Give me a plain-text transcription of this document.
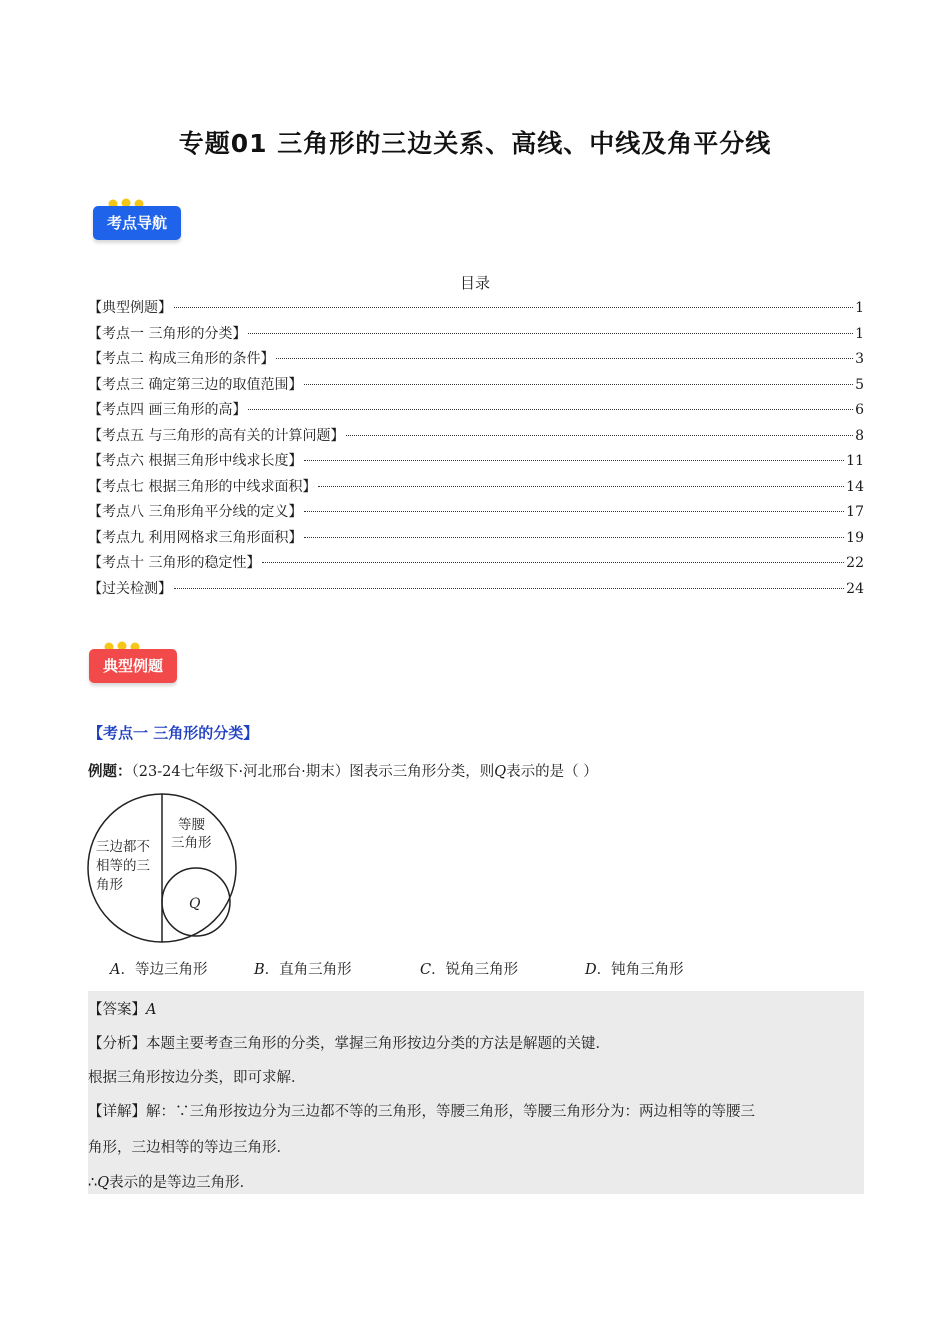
专题01 三角形的三边关系、高线、中线及角平分线
考点导航
目录
【典型例题】	1
【考点一 三角形的分类】	1
【考点二 构成三角形的条件】	3
【考点三 确定第三边的取值范围】	5
【考点四 画三角形的高】	6
【考点五 与三角形的高有关的计算问题】	8
【考点六 根据三角形中线求长度】	11
【考点七 根据三角形的中线求面积】	14
【考点八 三角形角平分线的定义】	17
【考点九 利用网格求三角形面积】	19
【考点十 三角形的稳定性】	22
【过关检测】	24
典型例题
【考点一 三角形的分类】
例题：（23-24七年级下·河北邢台·期末）图表示三角形分类，则Q表示的是（ ）
三边都不
相等的三
角形
等腰
三角形
Q
A．等边三角形	B．直角三角形	C．锐角三角形	D．钝角三角形
【答案】A
【分析】本题主要考查三角形的分类，掌握三角形按边分类的方法是解题的关键．
根据三角形按边分类，即可求解．
【详解】解：∵三角形按边分为三边都不等的三角形，等腰三角形，等腰三角形分为：两边相等的等腰三
角形，三边相等的等边三角形．
∴Q表示的是等边三角形．
